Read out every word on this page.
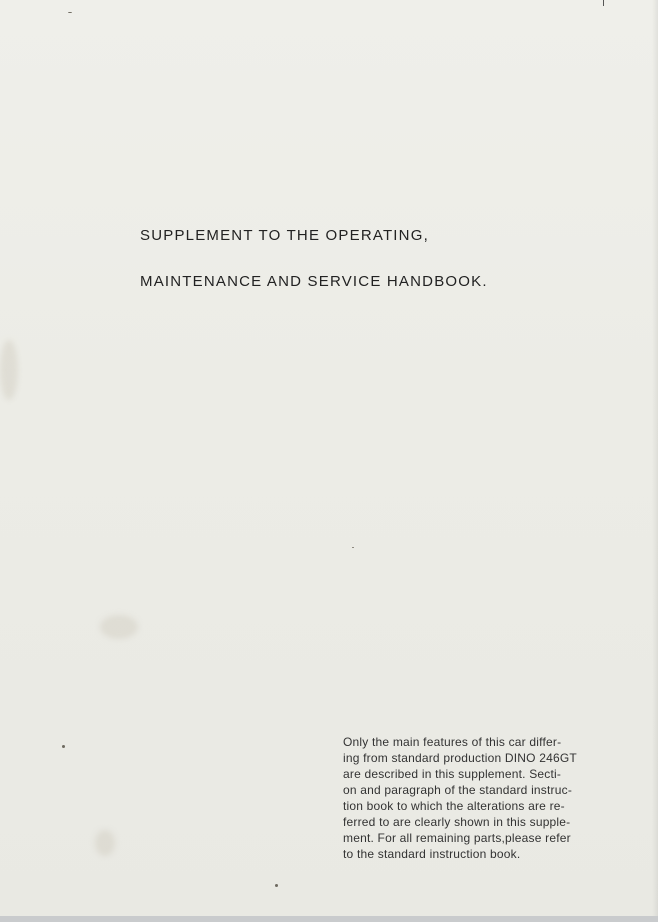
SUPPLEMENT TO THE OPERATING,
MAINTENANCE AND SERVICE HANDBOOK.
Only the main features of this car differ-
ing from standard production DINO 246GT
are described in this supplement. Secti-
on and paragraph of the standard instruc-
tion book to which the alterations are re-
ferred to are clearly shown in this supple-
ment. For all remaining parts,please refer
to the standard instruction book.
